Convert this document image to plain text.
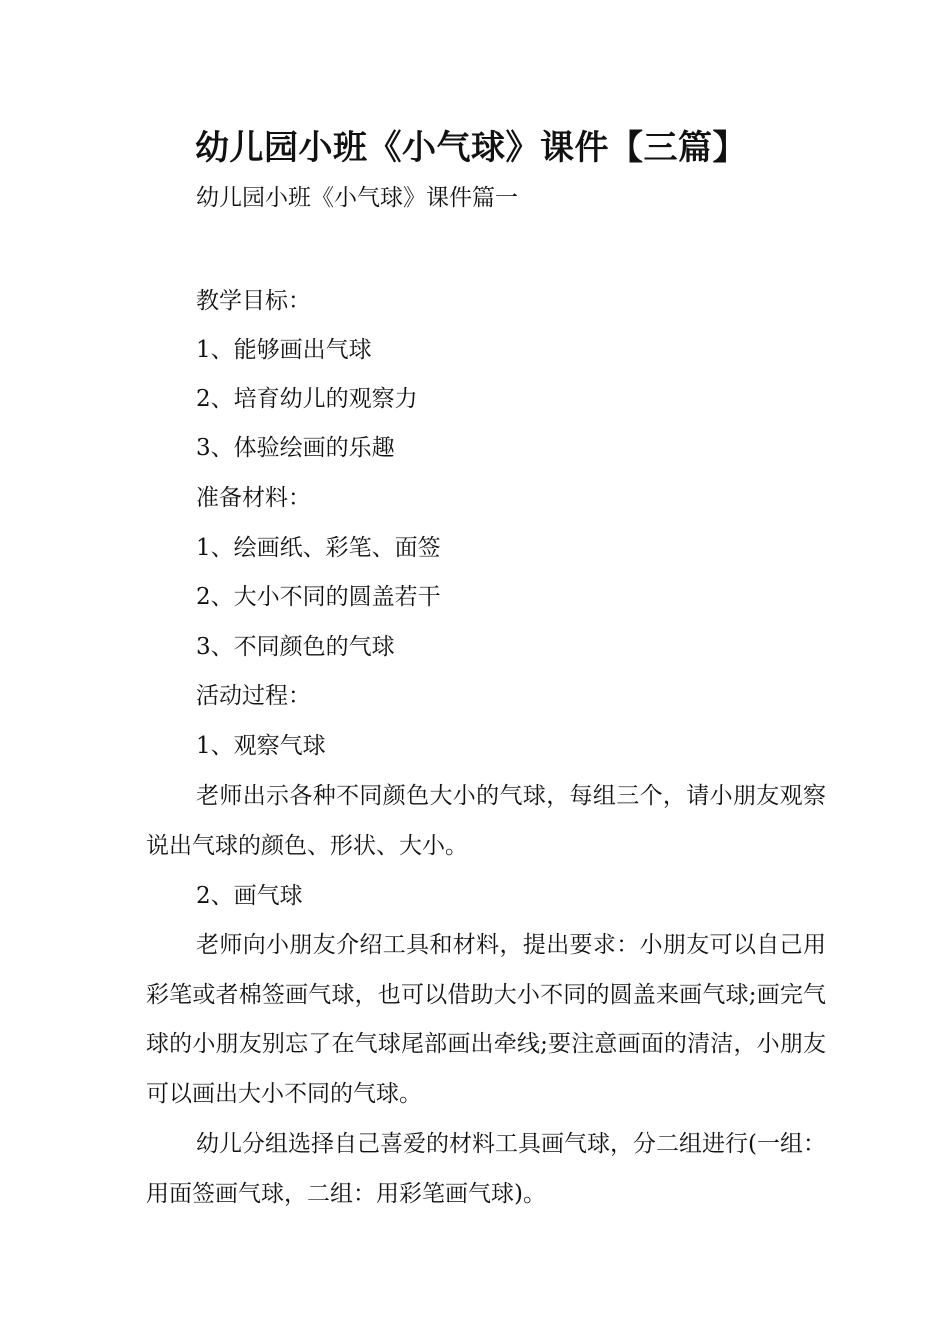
幼儿园小班《小气球》课件【三篇】
幼儿园小班《小气球》课件篇一
教学目标：
1、能够画出气球
2、培育幼儿的观察力
3、体验绘画的乐趣
准备材料：
1、绘画纸、彩笔、面签
2、大小不同的圆盖若干
3、不同颜色的气球
活动过程：
1、观察气球
老师出示各种不同颜色大小的气球，每组三个，请小朋友观察说出气球的颜色、形状、大小。
2、画气球
老师向小朋友介绍工具和材料，提出要求：小朋友可以自己用彩笔或者棉签画气球，也可以借助大小不同的圆盖来画气球;画完气球的小朋友别忘了在气球尾部画出牵线;要注意画面的清洁，小朋友可以画出大小不同的气球。
幼儿分组选择自己喜爱的材料工具画气球，分二组进行(一组：用面签画气球，二组：用彩笔画气球)。
